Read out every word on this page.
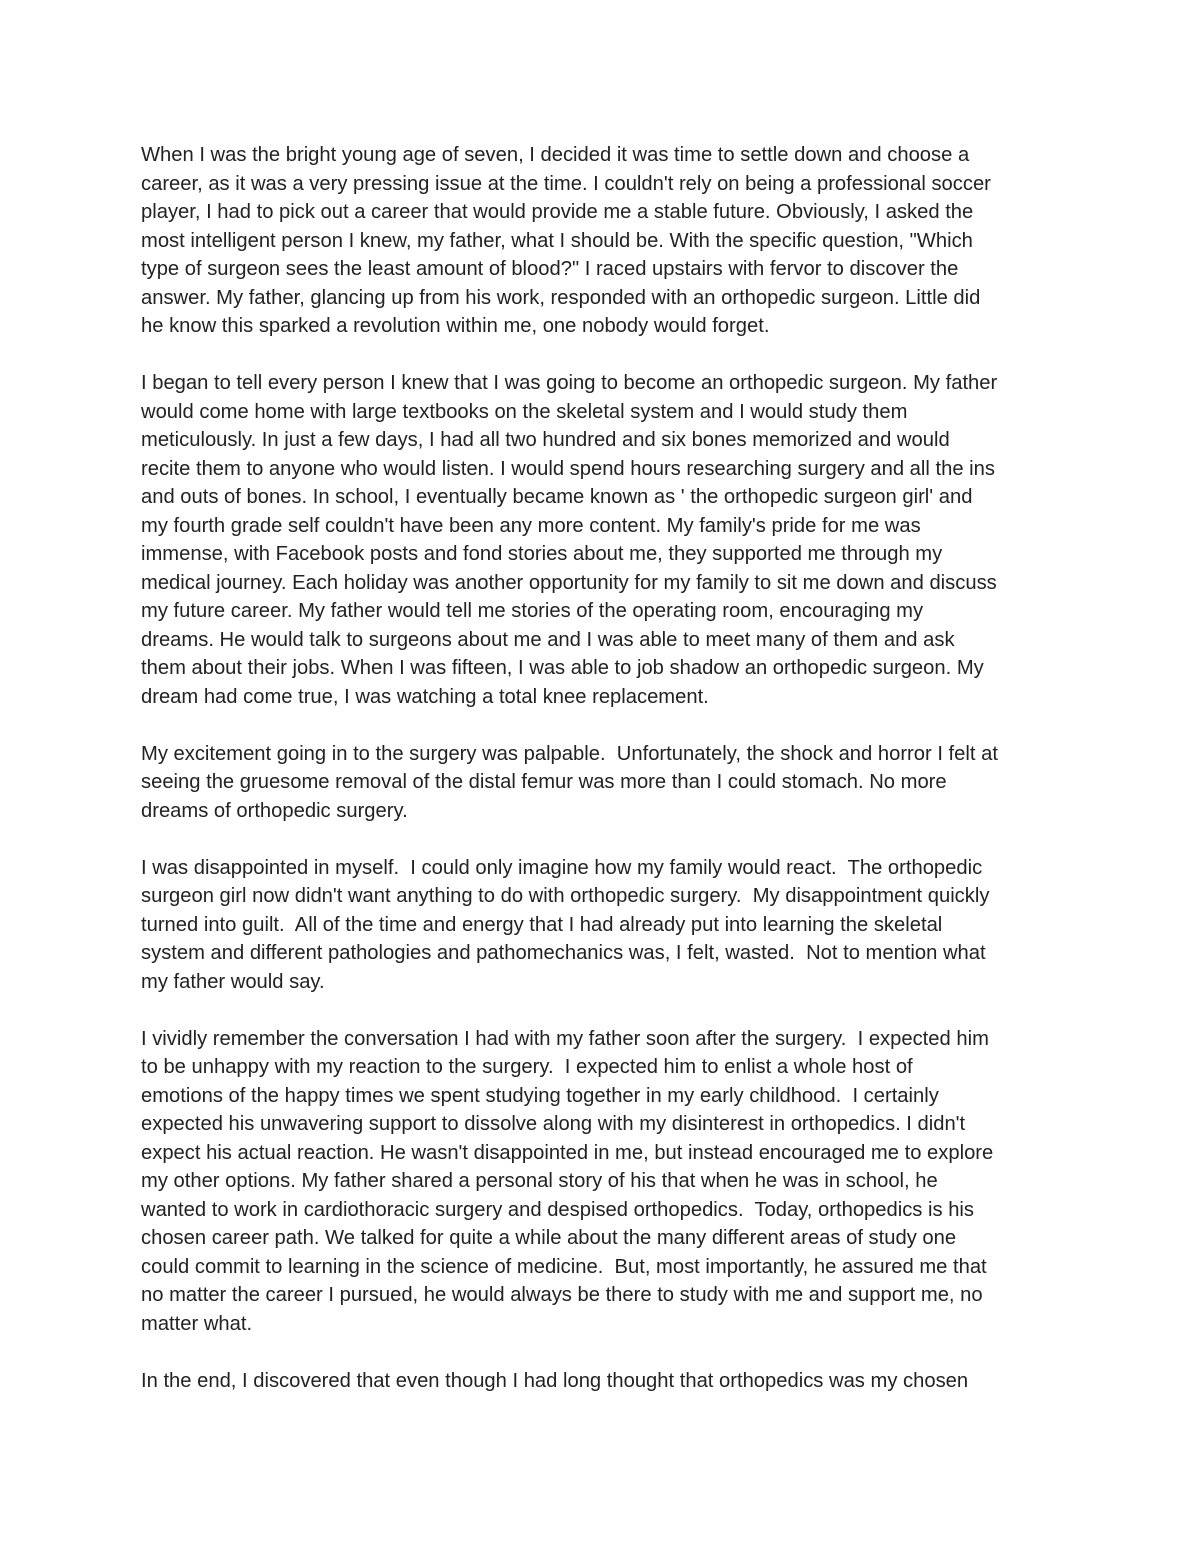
When I was the bright young age of seven, I decided it was time to settle down and choose a
career, as it was a very pressing issue at the time. I couldn't rely on being a professional soccer
player, I had to pick out a career that would provide me a stable future. Obviously, I asked the
most intelligent person I knew, my father, what I should be. With the specific question, "Which
type of surgeon sees the least amount of blood?" I raced upstairs with fervor to discover the
answer. My father, glancing up from his work, responded with an orthopedic surgeon. Little did
he know this sparked a revolution within me, one nobody would forget.

I began to tell every person I knew that I was going to become an orthopedic surgeon. My father
would come home with large textbooks on the skeletal system and I would study them
meticulously. In just a few days, I had all two hundred and six bones memorized and would
recite them to anyone who would listen. I would spend hours researching surgery and all the ins
and outs of bones. In school, I eventually became known as ' the orthopedic surgeon girl' and
my fourth grade self couldn't have been any more content. My family's pride for me was
immense, with Facebook posts and fond stories about me, they supported me through my
medical journey. Each holiday was another opportunity for my family to sit me down and discuss
my future career. My father would tell me stories of the operating room, encouraging my
dreams. He would talk to surgeons about me and I was able to meet many of them and ask
them about their jobs. When I was fifteen, I was able to job shadow an orthopedic surgeon. My
dream had come true, I was watching a total knee replacement.

My excitement going in to the surgery was palpable.  Unfortunately, the shock and horror I felt at
seeing the gruesome removal of the distal femur was more than I could stomach. No more
dreams of orthopedic surgery.

I was disappointed in myself.  I could only imagine how my family would react.  The orthopedic
surgeon girl now didn't want anything to do with orthopedic surgery.  My disappointment quickly
turned into guilt.  All of the time and energy that I had already put into learning the skeletal
system and different pathologies and pathomechanics was, I felt, wasted.  Not to mention what
my father would say.

I vividly remember the conversation I had with my father soon after the surgery.  I expected him
to be unhappy with my reaction to the surgery.  I expected him to enlist a whole host of
emotions of the happy times we spent studying together in my early childhood.  I certainly
expected his unwavering support to dissolve along with my disinterest in orthopedics. I didn't
expect his actual reaction. He wasn't disappointed in me, but instead encouraged me to explore
my other options. My father shared a personal story of his that when he was in school, he
wanted to work in cardiothoracic surgery and despised orthopedics.  Today, orthopedics is his
chosen career path. We talked for quite a while about the many different areas of study one
could commit to learning in the science of medicine.  But, most importantly, he assured me that
no matter the career I pursued, he would always be there to study with me and support me, no
matter what.

In the end, I discovered that even though I had long thought that orthopedics was my chosen
